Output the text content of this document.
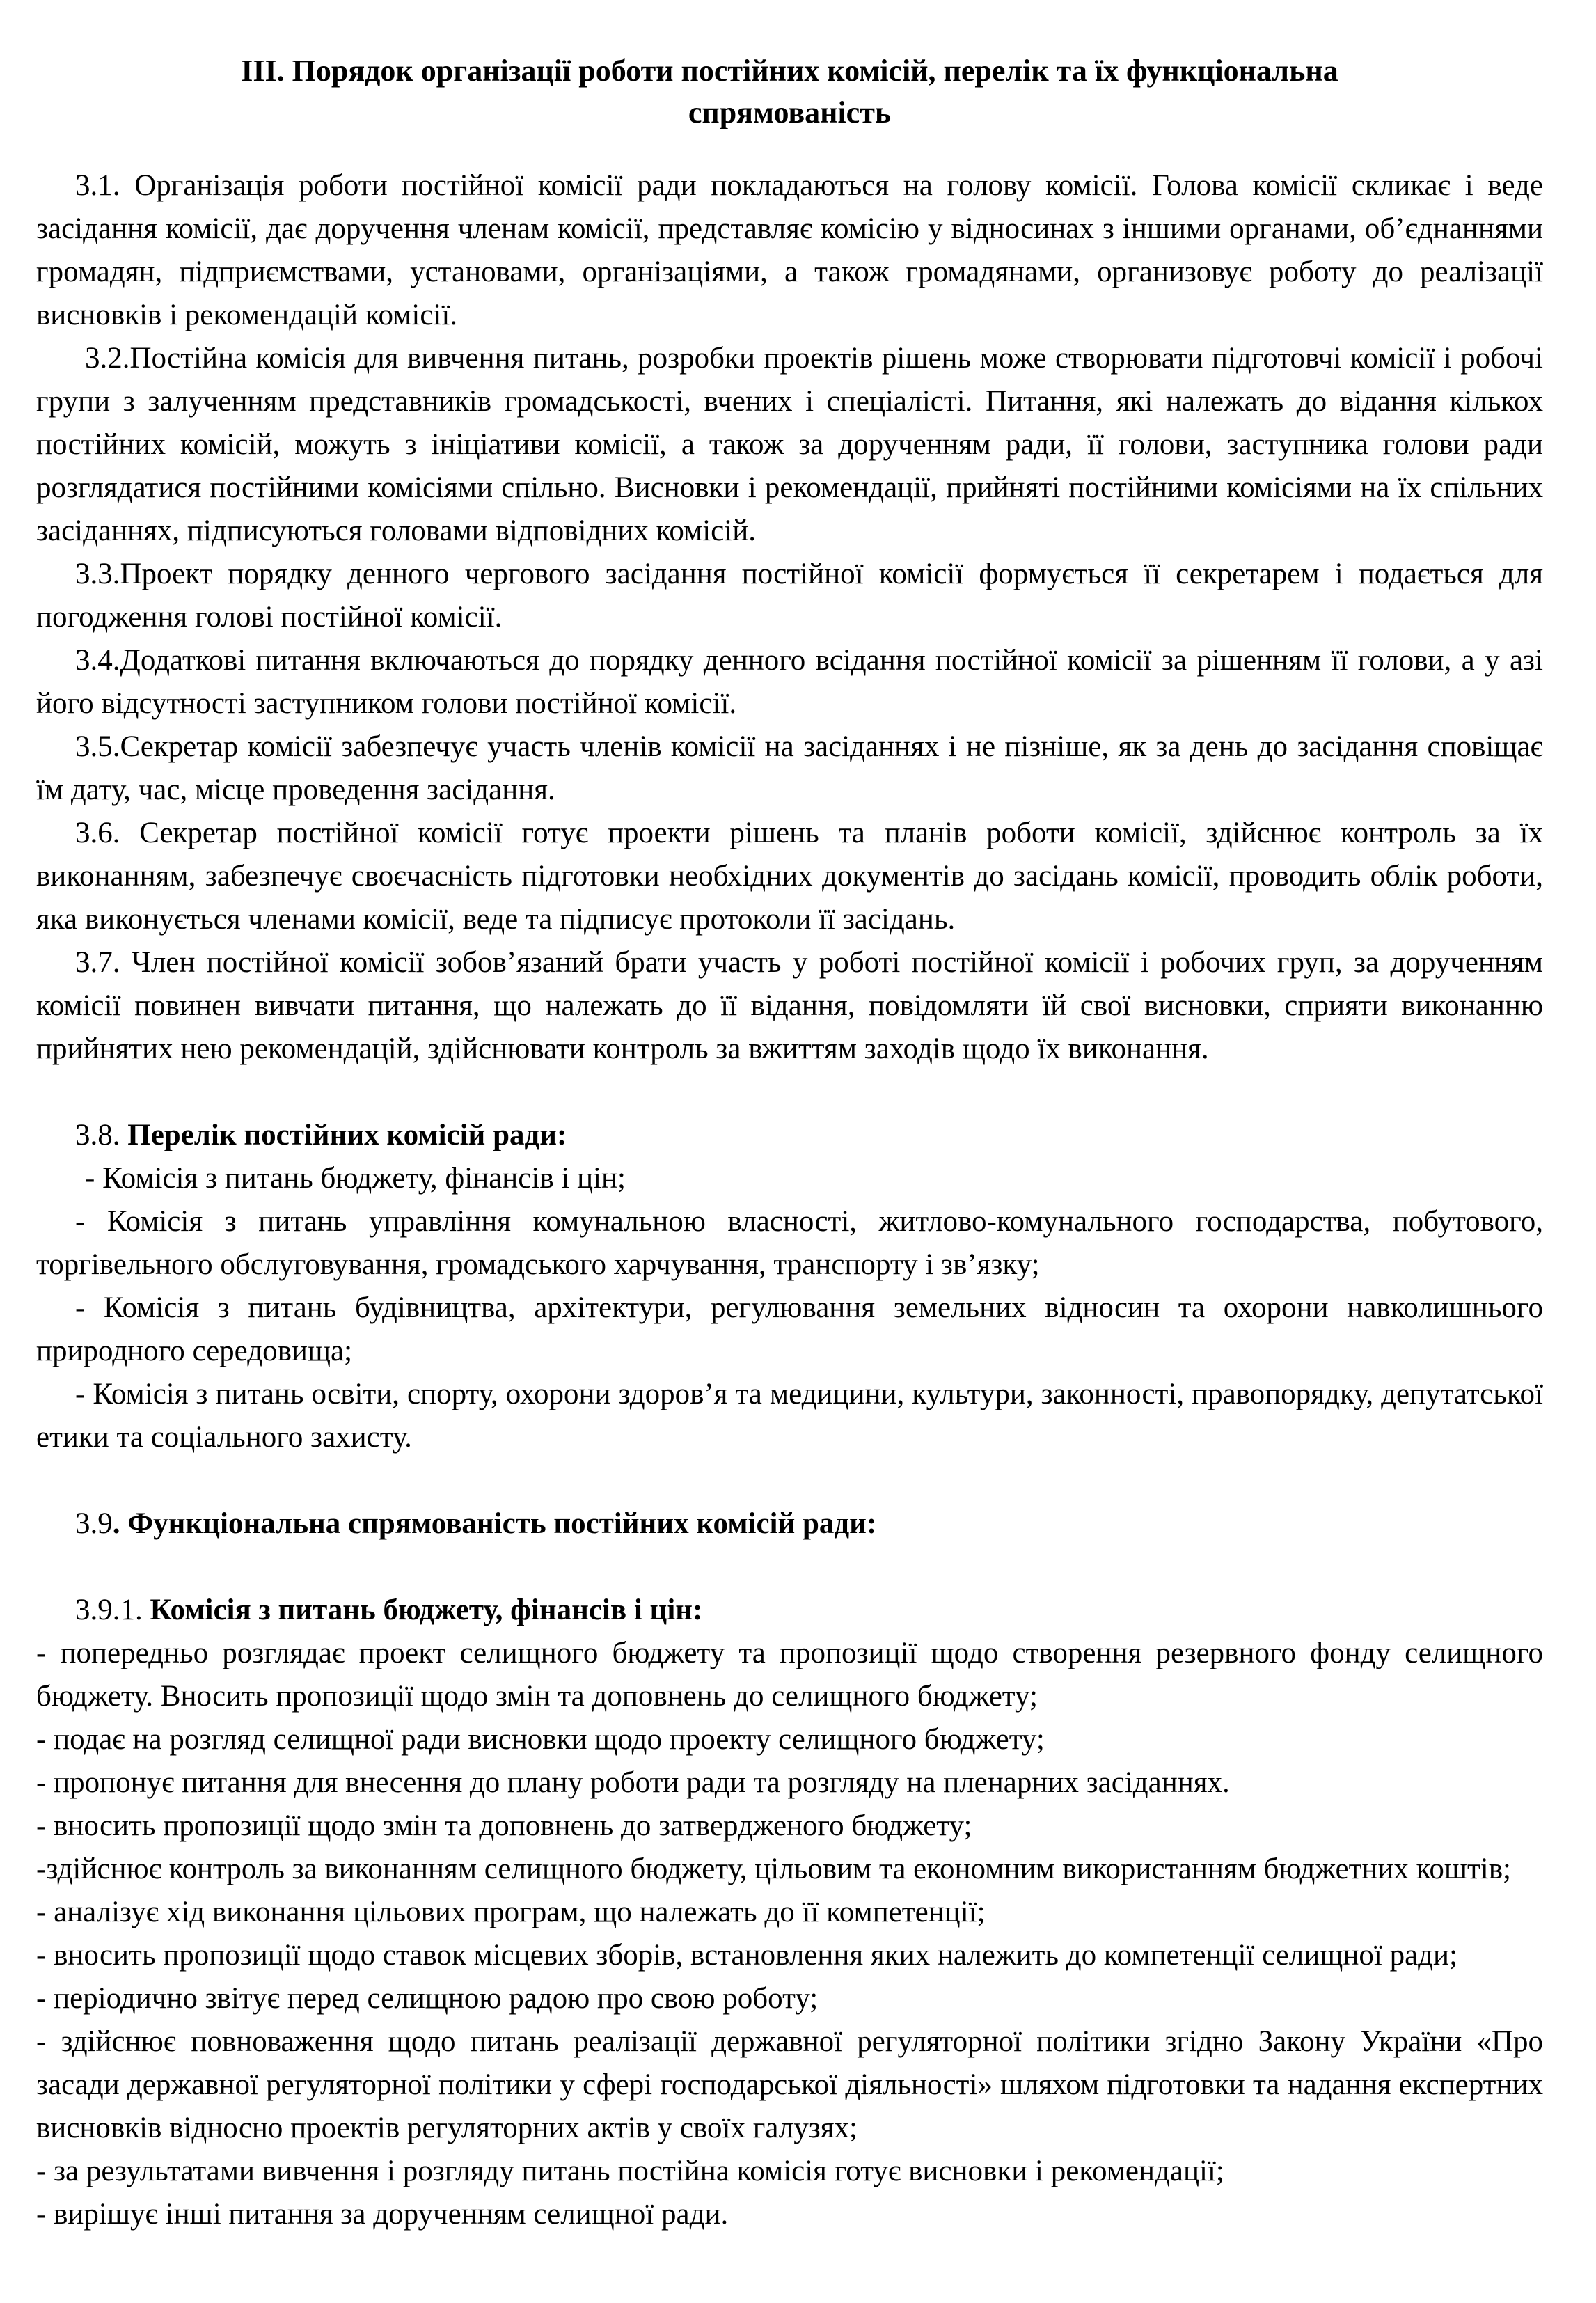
III. Порядок організації роботи постійних комісій, перелік та їх функціональна
спрямованість

3.1. Організація роботи постійної комісії ради покладаються на голову комісії. Голова комісії скликає і веде засідання комісії, дає доручення членам комісії, представляє комісію у відносинах з іншими органами, об’єднаннями громадян, підприємствами, установами, організаціями, а також громадянами, организовує роботу до реалізації висновків і рекомендацій комісії.

3.2.Постійна комісія для вивчення питань, розробки проектів рішень може створювати підготовчі комісії і робочі групи з залученням представників громадськості, вчених і спеціалісті. Питання, які належать до відання кількох постійних комісій, можуть з ініціативи комісії, а також за дорученням ради, її голови, заступника голови ради розглядатися постійними комісіями спільно. Висновки і рекомендації, прийняті постійними комісіями на їх спільних засіданнях, підписуються головами відповідних комісій.

3.3.Проект порядку денного чергового засідання постійної комісії формується її секретарем і подається для погодження голові постійної комісії.

3.4.Додаткові питання включаються до порядку денного всідання постійної комісії за рішенням її голови, а у азі його відсутності заступником голови постійної комісії.

3.5.Секретар комісії забезпечує участь членів комісії на засіданнях і не пізніше, як за день до засідання сповіщає їм дату, час, місце проведення засідання.

3.6. Секретар постійної комісії готує проекти рішень та планів роботи комісії, здійснює контроль за їх виконанням, забезпечує своєчасність підготовки необхідних документів до засідань комісії, проводить облік роботи, яка виконується членами комісії, веде та підписує протоколи її засідань.

3.7. Член постійної комісії зобов’язаний брати участь у роботі постійної комісії і робочих груп, за дорученням комісії повинен вивчати питання, що належать до її відання, повідомляти їй свої висновки, сприяти виконанню прийнятих нею рекомендацій, здійснювати контроль за вжиттям заходів щодо їх виконання.

3.8. Перелік постійних комісій ради:

- Комісія з питань бюджету, фінансів і цін;

- Комісія з питань управління комунальною власності, житлово-комунального господарства, побутового, торгівельного обслуговування, громадського харчування, транспорту і зв’язку;

- Комісія з питань будівництва, архітектури, регулювання земельних відносин та охорони навколишнього природного середовища;

- Комісія з питань освіти, спорту, охорони здоров’я та медицини, культури, законності, правопорядку, депутатської етики та соціального захисту.

3.9. Функціональна спрямованість постійних комісій ради:

3.9.1. Комісія з питань бюджету, фінансів і цін:

- попередньо розглядає проект селищного бюджету та пропозиції щодо створення резервного фонду селищного бюджету. Вносить пропозиції щодо змін та доповнень до селищного бюджету;

- подає на розгляд селищної ради висновки щодо проекту селищного бюджету;

- пропонує питання для внесення до плану роботи ради та розгляду на пленарних засіданнях.

- вносить пропозиції щодо змін та доповнень до затвердженого бюджету;

-здійснює контроль за виконанням селищного бюджету, цільовим та економним використанням бюджетних коштів;

- аналізує хід виконання цільових програм, що належать до її компетенції;

- вносить пропозиції щодо ставок місцевих зборів, встановлення яких належить до компетенції селищної ради;

- періодично звітує перед селищною радою про свою роботу;

- здійснює повноваження щодо питань реалізації державної регуляторної політики згідно Закону України «Про засади державної регуляторної політики у сфері господарської діяльності» шляхом підготовки та надання експертних висновків відносно проектів регуляторних актів у своїх галузях;

- за результатами вивчення і розгляду питань постійна комісія готує висновки і рекомендації;

- вирішує інші питання за дорученням селищної ради.
